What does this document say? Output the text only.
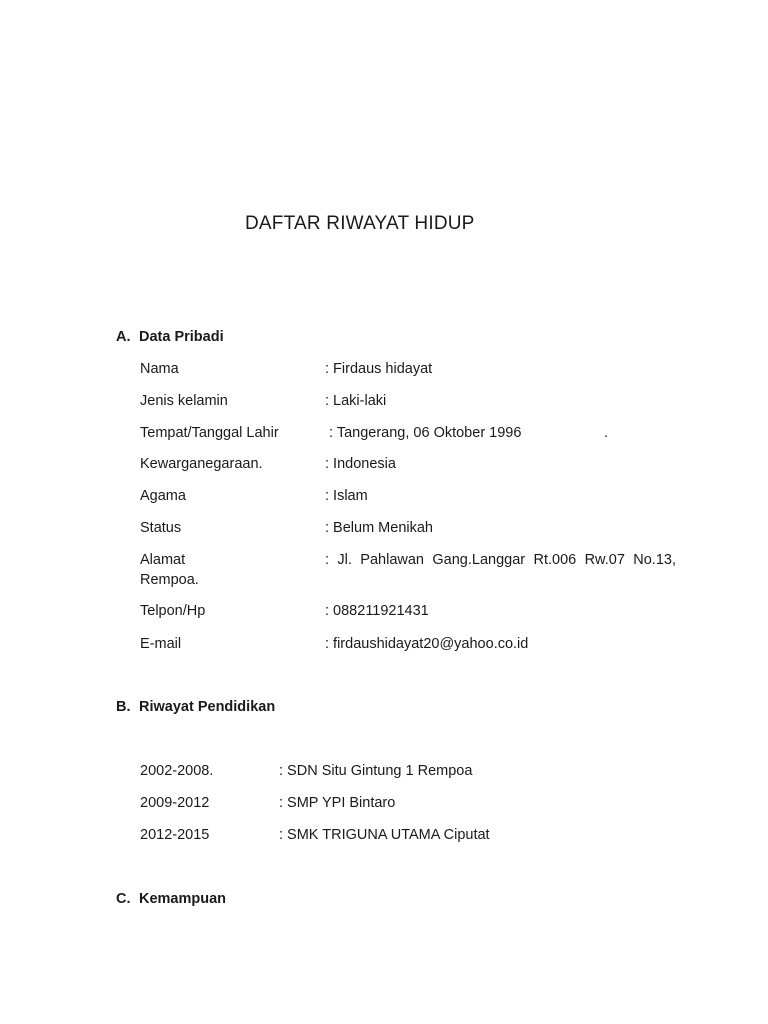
DAFTAR RIWAYAT HIDUP
A. Data Pribadi
Nama	: Firdaus hidayat
Jenis kelamin	: Laki-laki
Tempat/Tanggal Lahir	: Tangerang, 06 Oktober 1996	.
Kewarganegaraan.	: Indonesia
Agama	: Islam
Status	: Belum Menikah
Alamat	: Jl. Pahlawan Gang.Langgar Rt.006 Rw.07 No.13,
Rempoa.
Telpon/Hp	: 088211921431
E-mail	: firdaushidayat20@yahoo.co.id
B. Riwayat Pendidikan
2002-2008.	: SDN Situ Gintung 1 Rempoa
2009-2012	: SMP YPI Bintaro
2012-2015	: SMK TRIGUNA UTAMA Ciputat
C. Kemampuan
